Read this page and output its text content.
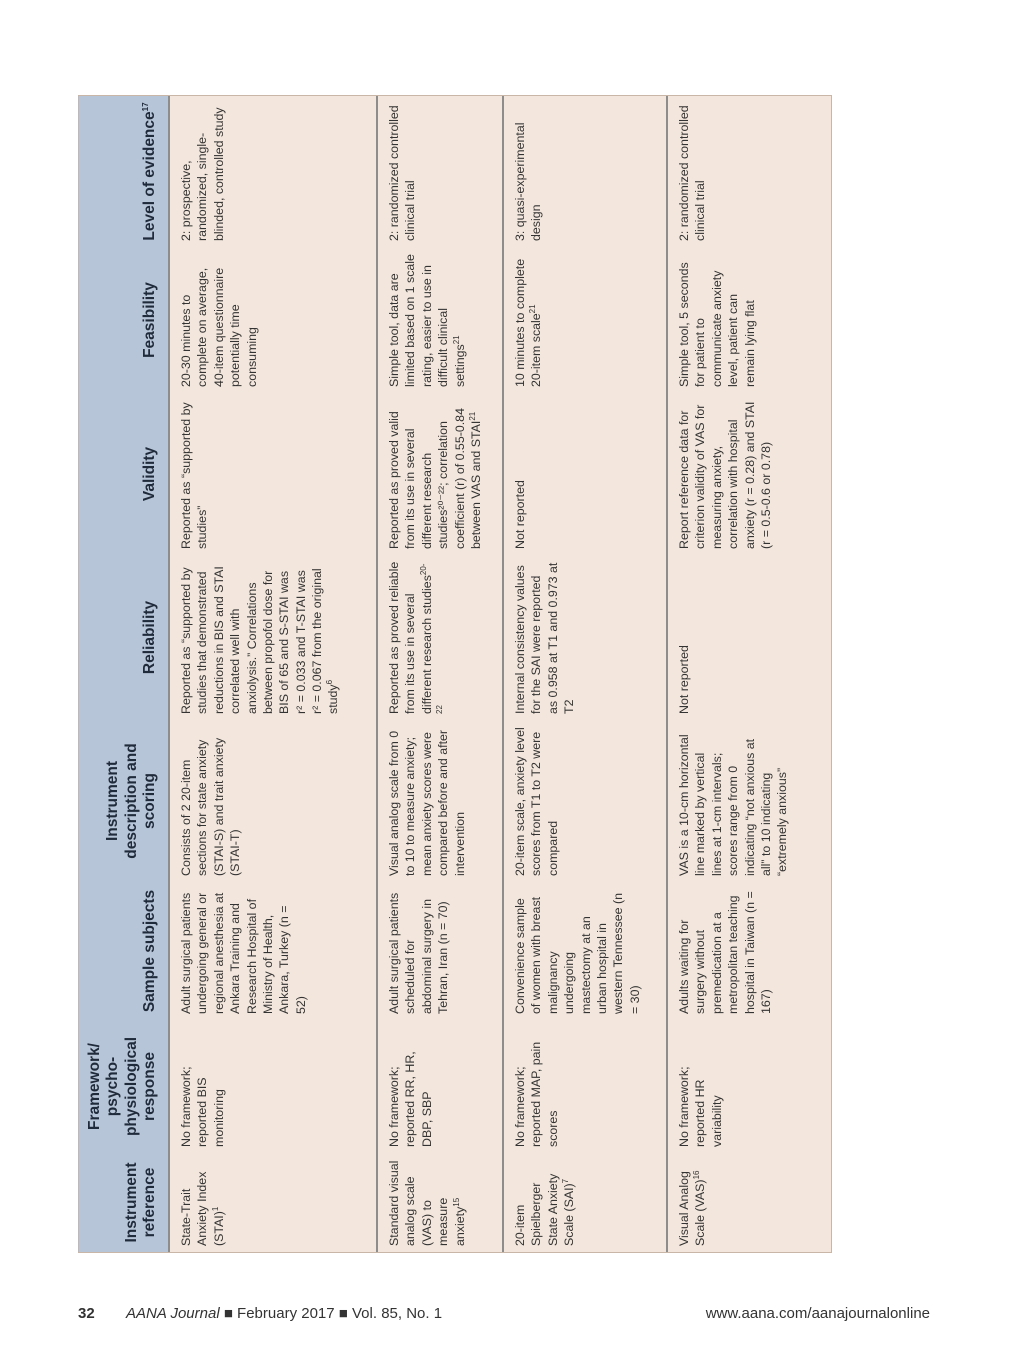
Instrument reference	Framework/ psycho- physiological response	Sample subjects	Instrument description and scoring	Reliability	Validity	Feasibility	Level of evidence$^{17}$
State-Trait Anxiety Index (STAI)$^1$	No framework; reported BIS monitoring	Adult surgical patients undergoing general or regional anesthesia at Ankara Training and Research Hospital of Ministry of Health, Ankara, Turkey (n = 52)	Consists of 2 20-item sections for state anxiety (STAI-S) and trait anxiety (STAI-T)	Reported as “supported by studies that demonstrated reductions in BIS and STAI correlated well with anxiolysis.” Correlations between propofol dose for BIS of 65 and S-STAI was r² = 0.033 and T-STAI was r² = 0.067 from the original study$^6$	Reported as “supported by studies”	20-30 minutes to complete on average, 40-item questionnaire potentially time consuming	2: prospective, randomized, single-blinded, controlled study
Standard visual analog scale (VAS) to measure anxiety$^{15}$	No framework; reported RR, HR, DBP, SBP	Adult surgical patients scheduled for abdominal surgery in Tehran, Iran (n = 70)	Visual analog scale from 0 to 10 to measure anxiety; mean anxiety scores were compared before and after intervention	Reported as proved reliable from its use in several different research studies$^{20-22}$	Reported as proved valid from its use in several different research studies²⁰⁻²²; correlation coefficient (r) of 0.55-0.84 between VAS and STAI$^{21}$	Simple tool, data are limited based on 1 scale rating, easier to use in difficult clinical settings$^{21}$	2: randomized controlled clinical trial
20-item Spielberger State Anxiety Scale (SAI)$^7$	No framework; reported MAP, pain scores	Convenience sample of women with breast malignancy undergoing mastectomy at an urban hospital in western Tennessee (n = 30)	20-item scale, anxiety level scores from T1 to T2 were compared	Internal consistency values for the SAI were reported as 0.958 at T1 and 0.973 at T2	Not reported	10 minutes to complete 20-item scale$^{21}$	3: quasi-experimental design
Visual Analog Scale (VAS)$^{16}$	No framework; reported HR variability	Adults waiting for surgery without premedication at a metropolitan teaching hospital in Taiwan (n = 167)	VAS is a 10-cm horizontal line marked by vertical lines at 1-cm intervals; scores range from 0 indicating “not anxious at all” to 10 indicating “extremely anxious”	Not reported	Report reference data for criterion validity of VAS for measuring anxiety, correlation with hospital anxiety (r = 0.28) and STAI (r = 0.5-0.6 or 0.78)	Simple tool, 5 seconds for patient to communicate anxiety level, patient can remain lying flat	2: randomized controlled clinical trial
32 AANA Journal ■ February 2017 ■ Vol. 85, No. 1	www.aana.com/aanajournalonline
